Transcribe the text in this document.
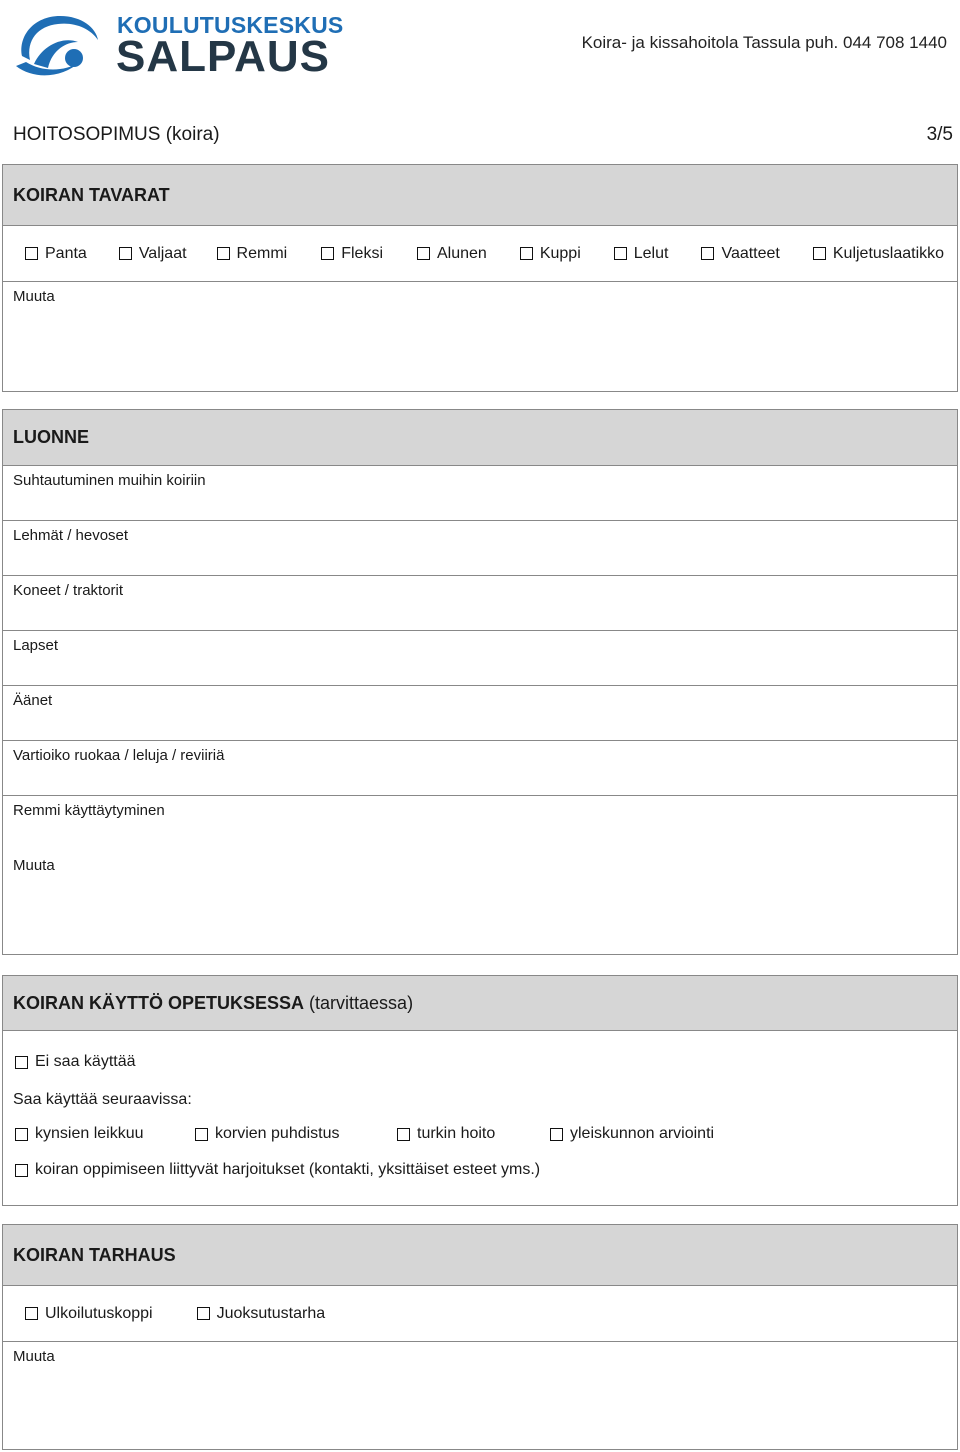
KOULUTUSKESKUS
SALPAUS	Koira- ja kissahoitola Tassula puh. 044 708 1440
HOITOSOPIMUS (koira)	3/5
KOIRAN TAVARAT
Panta	Valjaat	Remmi	Fleksi	Alunen	Kuppi	Lelut	Vaatteet	Kuljetuslaatikko
Muuta
LUONNE
Suhtautuminen muihin koiriin
Lehmät / hevoset
Koneet / traktorit
Lapset
Äänet
Vartioiko ruokaa / leluja / reviiriä
Remmi käyttäytyminen
Muuta
KOIRAN KÄYTTÖ OPETUKSESSA (tarvittaessa)
Ei saa käyttää
Saa käyttää seuraavissa:
kynsien leikkuu	korvien puhdistus	turkin hoito	yleiskunnon arviointi
koiran oppimiseen liittyvät harjoitukset (kontakti, yksittäiset esteet yms.)
KOIRAN TARHAUS
Ulkoilutuskoppi	Juoksutustarha
Muuta
